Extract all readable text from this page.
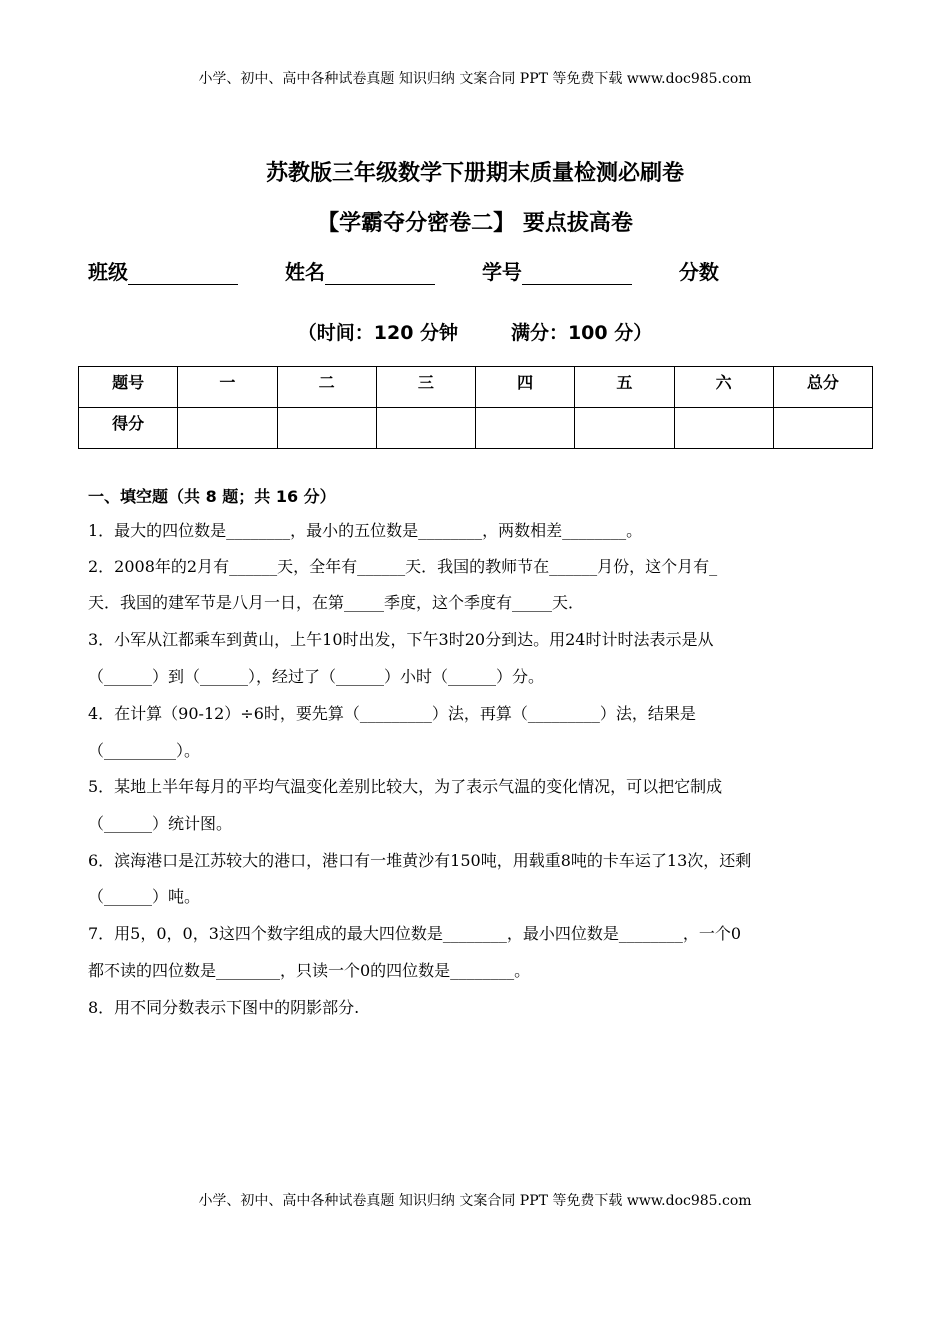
小学、初中、高中各种试卷真题 知识归纳 文案合同 PPT 等免费下载 www.doc985.com
苏教版三年级数学下册期末质量检测必刷卷
【学霸夺分密卷二】 要点拔高卷
班级	姓名	学号	分数
（时间：120 分钟        满分：100 分）
题号	一	二	三	四	五	六	总分
得分							
一、填空题（共 8 题；共 16 分）
1．最大的四位数是________，最小的五位数是________，两数相差________。
2．2008年的2月有______天，全年有______天．我国的教师节在______月份，这个月有_
天．我国的建军节是八月一日，在第_____季度，这个季度有_____天．
3．小军从江都乘车到黄山，上午10时出发，下午3时20分到达。用24时计时法表示是从
（______）到（______），经过了（______）小时（______）分。
4．在计算（90-12）÷6时，要先算（_________）法，再算（_________）法，结果是
（_________）。
5．某地上半年每月的平均气温变化差别比较大，为了表示气温的变化情况，可以把它制成
（______）统计图。
6．滨海港口是江苏较大的港口，港口有一堆黄沙有150吨，用载重8吨的卡车运了13次，还剩
（______）吨。
7．用5，0，0，3这四个数字组成的最大四位数是________，最小四位数是________，一个0
都不读的四位数是________，只读一个0的四位数是________。
8．用不同分数表示下图中的阴影部分.
小学、初中、高中各种试卷真题 知识归纳 文案合同 PPT 等免费下载 www.doc985.com
